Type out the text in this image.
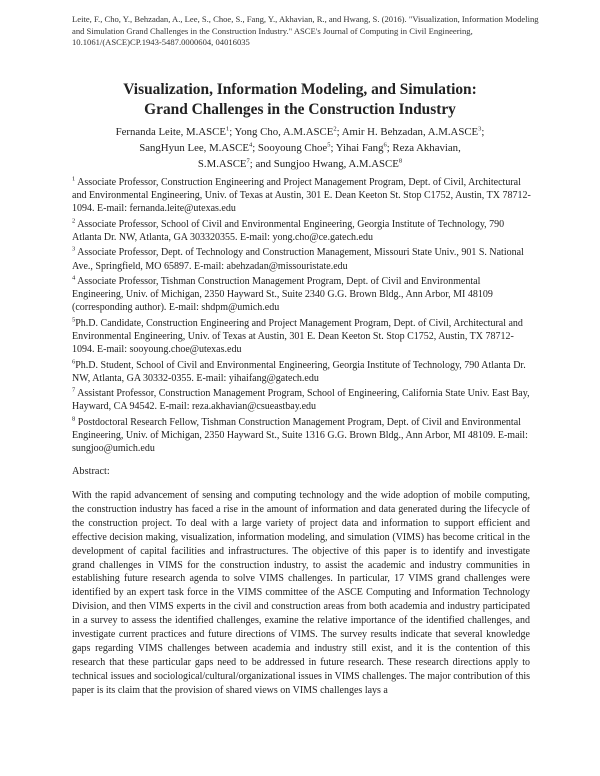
Leite, F., Cho, Y., Behzadan, A., Lee, S., Choe, S., Fang, Y., Akhavian, R., and Hwang, S. (2016). "Visualization, Information Modeling and Simulation Grand Challenges in the Construction Industry." ASCE's Journal of Computing in Civil Engineering, 10.1061/(ASCE)CP.1943-5487.0000604, 04016035
Visualization, Information Modeling, and Simulation:
Grand Challenges in the Construction Industry
Fernanda Leite, M.ASCE$^1$; Yong Cho, A.M.ASCE$^2$; Amir H. Behzadan, A.M.ASCE$^3$;
SangHyun Lee, M.ASCE$^4$; Sooyoung Choe$^5$; Yihai Fang$^6$; Reza Akhavian,
S.M.ASCE$^7$; and Sungjoo Hwang, A.M.ASCE$^8$
$^1$ Associate Professor, Construction Engineering and Project Management Program, Dept. of Civil, Architectural and Environmental Engineering, Univ. of Texas at Austin, 301 E. Dean Keeton St. Stop C1752, Austin, TX 78712-1094. E-mail: fernanda.leite@utexas.edu
$^2$ Associate Professor, School of Civil and Environmental Engineering, Georgia Institute of Technology, 790 Atlanta Dr. NW, Atlanta, GA 303320355. E-mail: yong.cho@ce.gatech.edu
$^3$ Associate Professor, Dept. of Technology and Construction Management, Missouri State Univ., 901 S. National Ave., Springfield, MO 65897. E-mail: abehzadan@missouristate.edu
$^4$ Associate Professor, Tishman Construction Management Program, Dept. of Civil and Environmental Engineering, Univ. of Michigan, 2350 Hayward St., Suite 2340 G.G. Brown Bldg., Ann Arbor, MI 48109 (corresponding author). E-mail: shdpm@umich.edu
$^5$Ph.D. Candidate, Construction Engineering and Project Management Program, Dept. of Civil, Architectural and Environmental Engineering, Univ. of Texas at Austin, 301 E. Dean Keeton St. Stop C1752, Austin, TX 78712-1094. E-mail: sooyoung.choe@utexas.edu
$^6$Ph.D. Student, School of Civil and Environmental Engineering, Georgia Institute of Technology, 790 Atlanta Dr. NW, Atlanta, GA 30332-0355. E-mail: yihaifang@gatech.edu
$^7$ Assistant Professor, Construction Management Program, School of Engineering, California State Univ. East Bay, Hayward, CA 94542. E-mail: reza.akhavian@csueastbay.edu
$^8$ Postdoctoral Research Fellow, Tishman Construction Management Program, Dept. of Civil and Environmental Engineering, Univ. of Michigan, 2350 Hayward St., Suite 1316 G.G. Brown Bldg., Ann Arbor, MI 48109. E-mail: sungjoo@umich.edu
Abstract:

With the rapid advancement of sensing and computing technology and the wide adoption of mobile computing, the construction industry has faced a rise in the amount of information and data generated during the lifecycle of the construction project. To deal with a large variety of project data and information to support efficient and effective decision making, visualization, information modeling, and simulation (VIMS) has become critical in the development of capital facilities and infrastructures. The objective of this paper is to identify and investigate grand challenges in VIMS for the construction industry, to assist the academic and industry communities in establishing future research agenda to solve VIMS challenges. In particular, 17 VIMS grand challenges were identified by an expert task force in the VIMS committee of the ASCE Computing and Information Technology Division, and then VIMS experts in the civil and construction areas from both academia and industry participated in a survey to assess the identified challenges, examine the relative importance of the identified challenges, and investigate current practices and future directions of VIMS. The survey results indicate that several knowledge gaps regarding VIMS challenges between academia and industry still exist, and it is the contention of this research that these particular gaps need to be addressed in future research. These research directions apply to technical issues and sociological/cultural/organizational issues in VIMS challenges. The major contribution of this paper is its claim that the provision of shared views on VIMS challenges lays a
